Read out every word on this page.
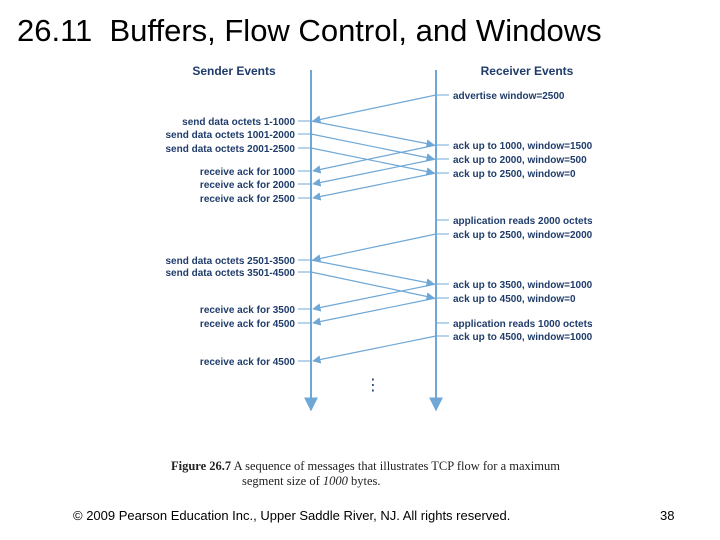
26.11  Buffers, Flow Control, and Windows
Sender Events	Receiver Events
send data octets 1-1000
send data octets 1001-2000
send data octets 2001-2500
receive ack for 1000
receive ack for 2000
receive ack for 2500
send data octets 2501-3500
send data octets 3501-4500
receive ack for 3500
receive ack for 4500
receive ack for 4500
advertise window=2500
ack up to 1000, window=1500
ack up to 2000, window=500
ack up to 2500, window=0
application reads 2000 octets
ack up to 2500, window=2000
ack up to 3500, window=1000
ack up to 4500, window=0
application reads 1000 octets
ack up to 4500, window=1000
⋮
Figure 26.7 A sequence of messages that illustrates TCP flow for a maximum
segment size of 1000 bytes.
© 2009 Pearson Education Inc., Upper Saddle River, NJ. All rights reserved.	38
